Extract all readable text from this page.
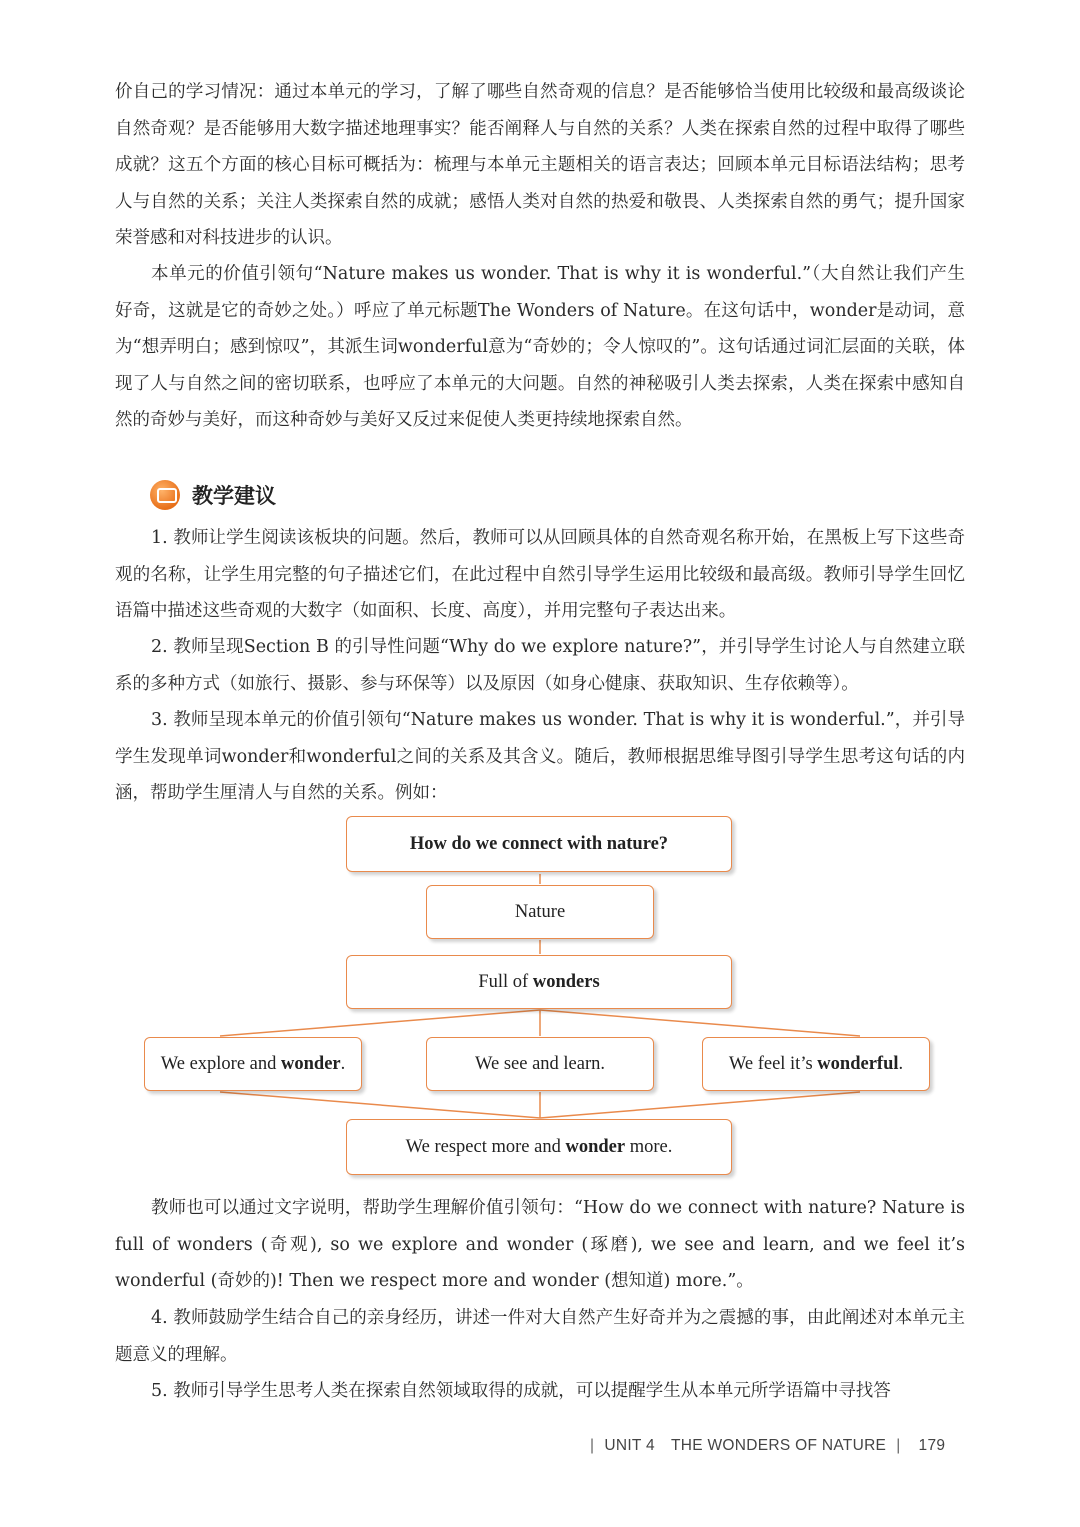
价自己的学习情况：通过本单元的学习，了解了哪些自然奇观的信息？是否能够恰当使用比较级和最高级谈论自然奇观？是否能够用大数字描述地理事实？能否阐释人与自然的关系？人类在探索自然的过程中取得了哪些成就？这五个方面的核心目标可概括为：梳理与本单元主题相关的语言表达；回顾本单元目标语法结构；思考人与自然的关系；关注人类探索自然的成就；感悟人类对自然的热爱和敬畏、人类探索自然的勇气；提升国家荣誉感和对科技进步的认识。

本单元的价值引领句“Nature makes us wonder. That is why it is wonderful.”（大自然让我们产生好奇，这就是它的奇妙之处。）呼应了单元标题The Wonders of Nature。在这句话中，wonder是动词，意为“想弄明白；感到惊叹”，其派生词wonderful意为“奇妙的；令人惊叹的”。这句话通过词汇层面的关联，体现了人与自然之间的密切联系，也呼应了本单元的大问题。自然的神秘吸引人类去探索，人类在探索中感知自然的奇妙与美好，而这种奇妙与美好又反过来促使人类更持续地探索自然。

教学建议

1. 教师让学生阅读该板块的问题。然后，教师可以从回顾具体的自然奇观名称开始，在黑板上写下这些奇观的名称，让学生用完整的句子描述它们，在此过程中自然引导学生运用比较级和最高级。教师引导学生回忆语篇中描述这些奇观的大数字（如面积、长度、高度），并用完整句子表达出来。

2. 教师呈现Section B 的引导性问题“Why do we explore nature?”，并引导学生讨论人与自然建立联系的多种方式（如旅行、摄影、参与环保等）以及原因（如身心健康、获取知识、生存依赖等）。

3. 教师呈现本单元的价值引领句“Nature makes us wonder. That is why it is wonderful.”，并引导学生发现单词wonder和wonderful之间的关系及其含义。随后，教师根据思维导图引导学生思考这句话的内涵，帮助学生厘清人与自然的关系。例如：

How do we connect with nature?
Nature
Full of wonders
We explore and wonder .	We see and learn.	We feel it’s wonderful .
We respect more and wonder more.

教师也可以通过文字说明，帮助学生理解价值引领句：“How do we connect with nature? Nature is full of wonders (奇观), so we explore and wonder (琢磨), we see and learn, and we feel it’s wonderful (奇妙的)! Then we respect more and wonder (想知道) more.”。

4. 教师鼓励学生结合自己的亲身经历，讲述一件对大自然产生好奇并为之震撼的事，由此阐述对本单元主题意义的理解。

5. 教师引导学生思考人类在探索自然领域取得的成就，可以提醒学生从本单元所学语篇中寻找答

| UNIT 4 THE WONDERS OF NATURE | 179
